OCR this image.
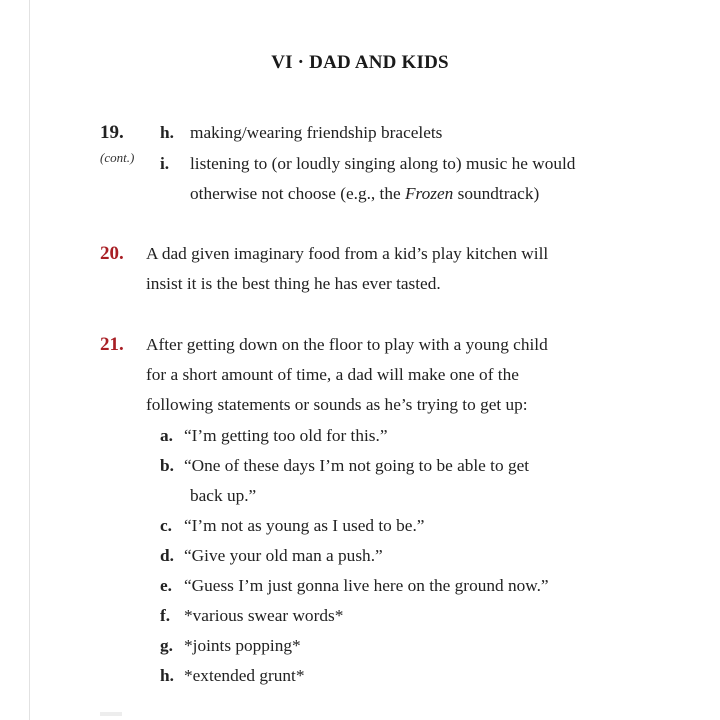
VI · DAD AND KIDS
19.
(cont.)
h. making/wearing friendship bracelets
i. listening to (or loudly singing along to) music he would
otherwise not choose (e.g., the Frozen soundtrack)
20. A dad given imaginary food from a kid’s play kitchen will
insist it is the best thing he has ever tasted.
21. After getting down on the floor to play with a young child
for a short amount of time, a dad will make one of the
following statements or sounds as he’s trying to get up:
a. “I’m getting too old for this.”
b. “One of these days I’m not going to be able to get
back up.”
c. “I’m not as young as I used to be.”
d. “Give your old man a push.”
e. “Guess I’m just gonna live here on the ground now.”
f. *various swear words*
g. *joints popping*
h. *extended grunt*
